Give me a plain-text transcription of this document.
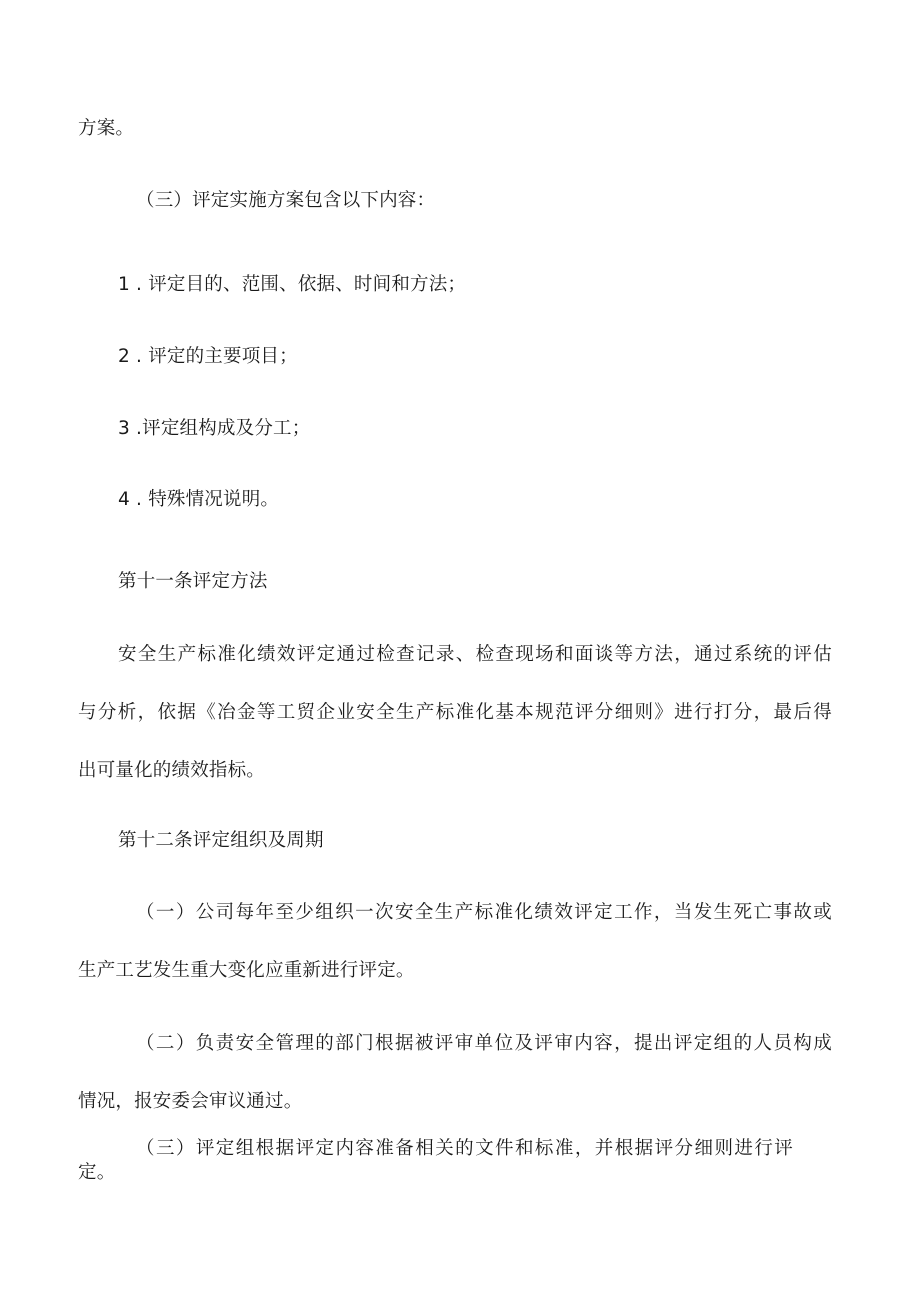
方案。
（三）评定实施方案包含以下内容：
1 . 评定目的、范围、依据、时间和方法；
2 . 评定的主要项目；
3 .评定组构成及分工；
4 . 特殊情况说明。
第十一条评定方法
安全生产标准化绩效评定通过检查记录、检查现场和面谈等方法，通过系统的评估
与分析，依据《冶金等工贸企业安全生产标准化基本规范评分细则》进行打分，最后得
出可量化的绩效指标。
第十二条评定组织及周期
（一）公司每年至少组织一次安全生产标准化绩效评定工作，当发生死亡事故或
生产工艺发生重大变化应重新进行评定。
（二）负责安全管理的部门根据被评审单位及评审内容，提出评定组的人员构成
情况，报安委会审议通过。
（三）评定组根据评定内容准备相关的文件和标准，并根据评分细则进行评
定。
